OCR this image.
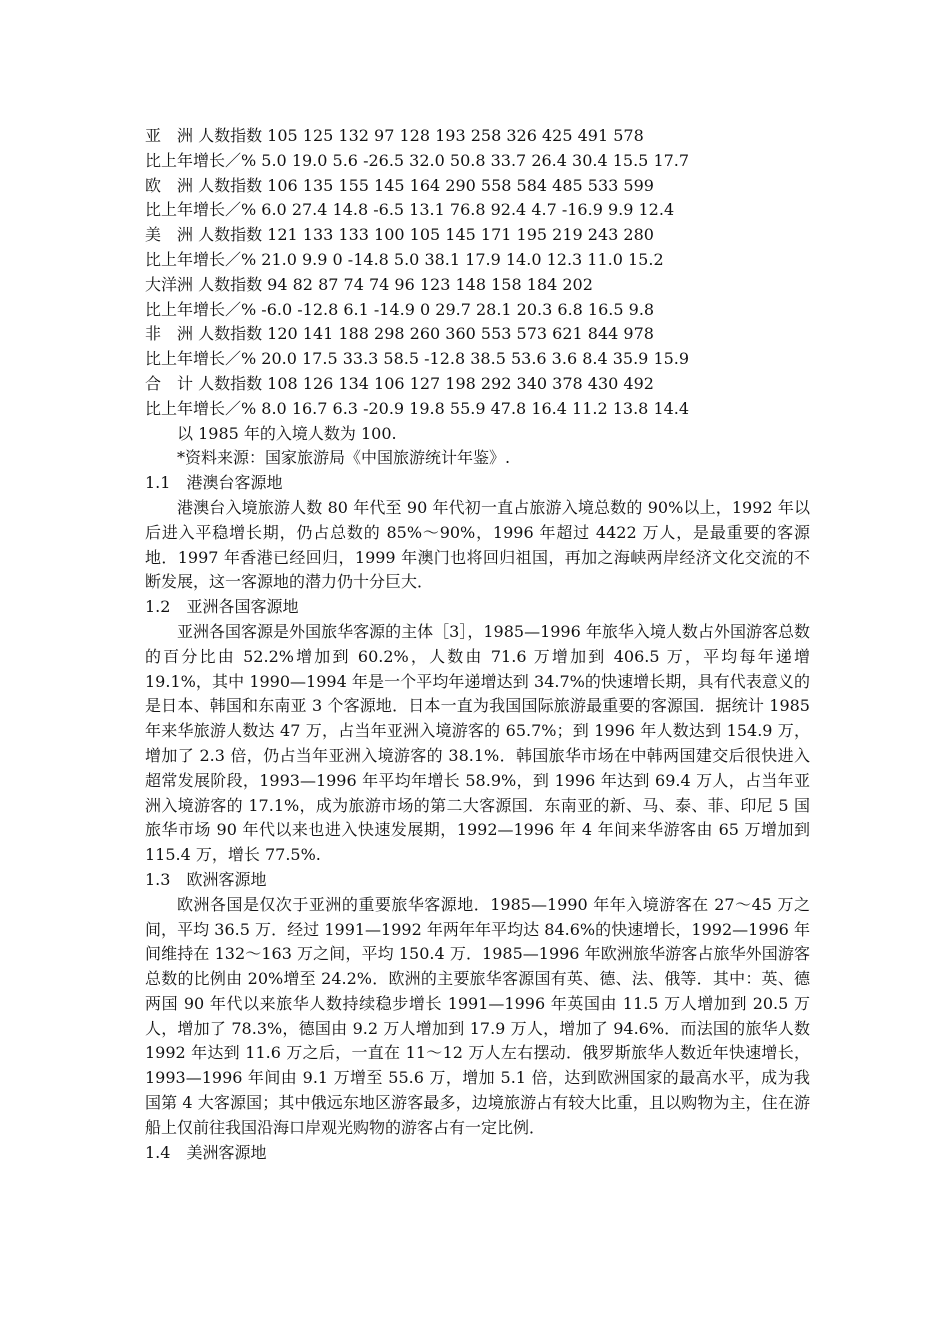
亚　洲 人数指数 105 125 132 97 128 193 258 326 425 491 578
比上年增长／% 5.0 19.0 5.6 -26.5 32.0 50.8 33.7 26.4 30.4 15.5 17.7
欧　洲 人数指数 106 135 155 145 164 290 558 584 485 533 599
比上年增长／% 6.0 27.4 14.8 -6.5 13.1 76.8 92.4 4.7 -16.9 9.9 12.4
美　洲 人数指数 121 133 133 100 105 145 171 195 219 243 280
比上年增长／% 21.0 9.9 0 -14.8 5.0 38.1 17.9 14.0 12.3 11.0 15.2
大洋洲 人数指数 94 82 87 74 74 96 123 148 158 184 202
比上年增长／% -6.0 -12.8 6.1 -14.9 0 29.7 28.1 20.3 6.8 16.5 9.8
非　洲 人数指数 120 141 188 298 260 360 553 573 621 844 978
比上年增长／% 20.0 17.5 33.3 58.5 -12.8 38.5 53.6 3.6 8.4 35.9 15.9
合　计 人数指数 108 126 134 106 127 198 292 340 378 430 492
比上年增长／% 8.0 16.7 6.3 -20.9 19.8 55.9 47.8 16.4 11.2 13.8 14.4

以 1985 年的入境人数为 100.

*资料来源：国家旅游局《中国旅游统计年鉴》.

1.1　港澳台客源地

港澳台入境旅游人数 80 年代至 90 年代初一直占旅游入境总数的 90%以上，1992 年以后进入平稳增长期，仍占总数的 85%～90%，1996 年超过 4422 万人，是最重要的客源地．1997 年香港已经回归，1999 年澳门也将回归祖国，再加之海峡两岸经济文化交流的不断发展，这一客源地的潜力仍十分巨大．

1.2　亚洲各国客源地

亚洲各国客源是外国旅华客源的主体［3］，1985—1996 年旅华入境人数占外国游客总数的百分比由 52.2%增加到 60.2%，人数由 71.6 万增加到 406.5 万，平均每年递增 19.1%，其中 1990—1994 年是一个平均年递增达到 34.7%的快速增长期，具有代表意义的是日本、韩国和东南亚 3 个客源地．日本一直为我国国际旅游最重要的客源国．据统计 1985 年来华旅游人数达 47 万，占当年亚洲入境游客的 65.7%；到 1996 年人数达到 154.9 万，增加了 2.3 倍，仍占当年亚洲入境游客的 38.1%．韩国旅华市场在中韩两国建交后很快进入超常发展阶段，1993—1996 年平均年增长 58.9%，到 1996 年达到 69.4 万人，占当年亚洲入境游客的 17.1%，成为旅游市场的第二大客源国．东南亚的新、马、泰、菲、印尼 5 国旅华市场 90 年代以来也进入快速发展期，1992—1996 年 4 年间来华游客由 65 万增加到 115.4 万，增长 77.5%.

1.3　欧洲客源地

欧洲各国是仅次于亚洲的重要旅华客源地．1985—1990 年年入境游客在 27～45 万之间，平均 36.5 万．经过 1991—1992 年两年年平均达 84.6%的快速增长，1992—1996 年间维持在 132～163 万之间，平均 150.4 万．1985—1996 年欧洲旅华游客占旅华外国游客总数的比例由 20%增至 24.2%．欧洲的主要旅华客源国有英、德、法、俄等．其中：英、德两国 90 年代以来旅华人数持续稳步增长 1991—1996 年英国由 11.5 万人增加到 20.5 万人，增加了 78.3%，德国由 9.2 万人增加到 17.9 万人，增加了 94.6%．而法国的旅华人数 1992 年达到 11.6 万之后，一直在 11～12 万人左右摆动．俄罗斯旅华人数近年快速增长，1993—1996 年间由 9.1 万增至 55.6 万，增加 5.1 倍，达到欧洲国家的最高水平，成为我国第 4 大客源国；其中俄远东地区游客最多，边境旅游占有较大比重，且以购物为主，住在游船上仅前往我国沿海口岸观光购物的游客占有一定比例．

1.4　美洲客源地
